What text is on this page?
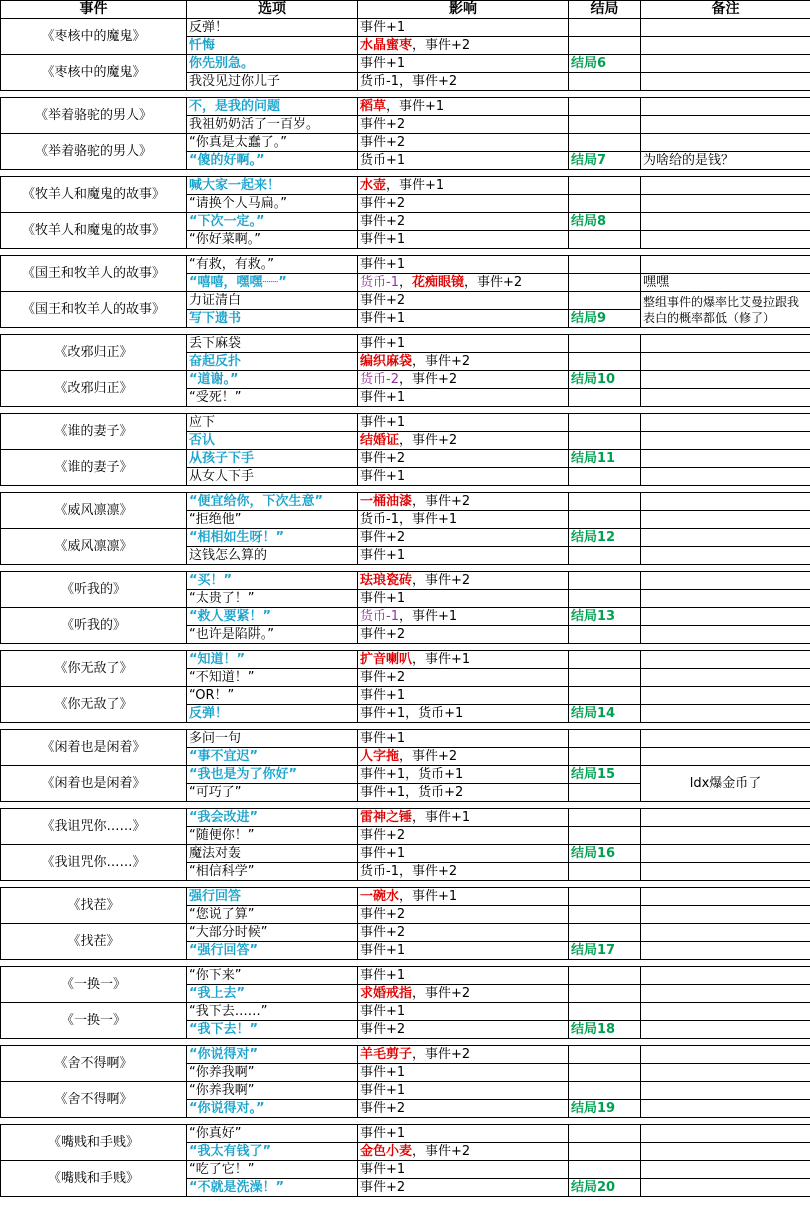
事件	选项	影响	结局	备注
《枣核中的魔鬼》	反弹！	事件+1		
	忏悔	水晶蜜枣，事件+2		
《枣核中的魔鬼》	你先别急。	事件+1	结局6	
	我没见过你儿子	货币-1，事件+2		

《举着骆驼的男人》	不，是我的问题	稻草，事件+1		
	我祖奶奶活了一百岁。	事件+2		
《举着骆驼的男人》	“你真是太蠢了。”	事件+2		
	“傻的好啊。”	货币+1	结局7	为啥给的是钱？

《牧羊人和魔鬼的故事》	喊大家一起来！	水壶，事件+1		
	“请换个人马扁。”	事件+2		
《牧羊人和魔鬼的故事》	“下次一定。”	事件+2	结局8	
	“你好菜啊。”	事件+1		

《国王和牧羊人的故事》	“有救，有救。”	事件+1		
	“嘻嘻，嘿嘿┈┈”	货币-1，花痴眼镜，事件+2		嘿嘿
《国王和牧羊人的故事》	力证清白	事件+2		整组事件的爆率比艾曼拉跟我表白的概率都低（修了）
	写下遗书	事件+1	结局9	

《改邪归正》	丢下麻袋	事件+1		
	奋起反扑	编织麻袋，事件+2		
《改邪归正》	“道谢。”	货币-2，事件+2	结局10	
	“受死！”	事件+1		

《谁的妻子》	应下	事件+1		
	否认	结婚证，事件+2		
《谁的妻子》	从孩子下手	事件+2	结局11	
	从女人下手	事件+1		

《威风凛凛》	“便宜给你，下次生意”	一桶油漆，事件+2		
	“拒绝他”	货币-1，事件+1		
《威风凛凛》	“相相如生呀！”	事件+2	结局12	
	这钱怎么算的	事件+1		

《听我的》	“买！”	珐琅瓷砖，事件+2		
	“太贵了！”	事件+1		
《听我的》	“救人要紧！”	货币-1，事件+1	结局13	
	“也许是陷阱。”	事件+2		

《你无敌了》	“知道！”	扩音喇叭，事件+1		
	“不知道！”	事件+2		
《你无敌了》	“OR！”	事件+1		
	反弹！	事件+1，货币+1	结局14	

《闲着也是闲着》	多问一句	事件+1		
	“事不宜迟”	人字拖，事件+2		
《闲着也是闲着》	“我也是为了你好”	事件+1，货币+1	结局15	ldx爆金币了
	“可巧了”	事件+1，货币+2		

《我诅咒你……》	“我会改进”	雷神之锤，事件+1		
	“随便你！”	事件+2		
《我诅咒你……》	魔法对轰	事件+1	结局16	
	“相信科学”	货币-1，事件+2		

《找茬》	强行回答	一碗水，事件+1		
	“您说了算”	事件+2		
《找茬》	“大部分时候”	事件+2		
	“强行回答”	事件+1	结局17	

《一换一》	“你下来”	事件+1		
	“我上去”	求婚戒指，事件+2		
《一换一》	“我下去……”	事件+1		
	“我下去！”	事件+2	结局18	

《舍不得啊》	“你说得对”	羊毛剪子，事件+2		
	“你养我啊”	事件+1		
《舍不得啊》	“你养我啊”	事件+1		
	“你说得对。”	事件+2	结局19	

《嘴贱和手贱》	“你真好”	事件+1		
	“我太有钱了”	金色小麦，事件+2		
《嘴贱和手贱》	“吃了它！”	事件+1		
	“不就是洗澡！”	事件+2	结局20	
